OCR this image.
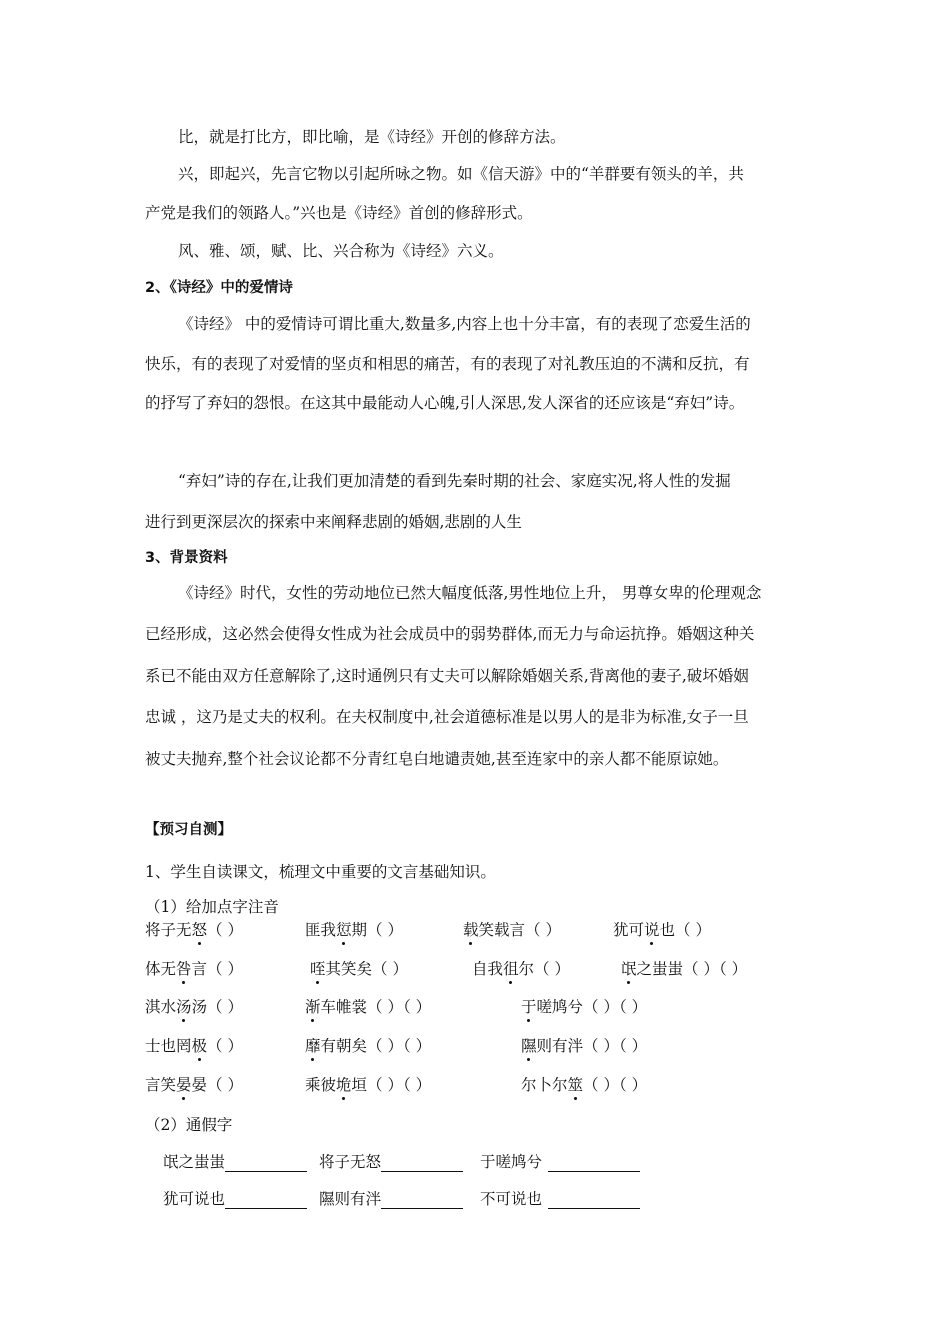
比，就是打比方，即比喻，是《诗经》开创的修辞方法。
兴，即起兴，先言它物以引起所咏之物。如《信天游》中的“羊群要有领头的羊，共
产党是我们的领路人。”兴也是《诗经》首创的修辞形式。
风、雅、颂，赋、比、兴合称为《诗经》六义。
2、《诗经》中的爱情诗
《诗经》 中的爱情诗可谓比重大,数量多,内容上也十分丰富，有的表现了恋爱生活的
快乐，有的表现了对爱情的坚贞和相思的痛苦，有的表现了对礼教压迫的不满和反抗，有
的抒写了弃妇的怨恨。在这其中最能动人心魄,引人深思,发人深省的还应该是“弃妇”诗。
“弃妇”诗的存在,让我们更加清楚的看到先秦时期的社会、家庭实况,将人性的发掘
进行到更深层次的探索中来阐释悲剧的婚姻,悲剧的人生
3、背景资料
《诗经》时代，女性的劳动地位已然大幅度低落,男性地位上升， 男尊女卑的伦理观念
已经形成，这必然会使得女性成为社会成员中的弱势群体,而无力与命运抗挣。婚姻这种关
系已不能由双方任意解除了,这时通例只有丈夫可以解除婚姻关系,背离他的妻子,破坏婚姻
忠诚 ，这乃是丈夫的权利。在夫权制度中,社会道德标准是以男人的是非为标准,女子一旦
被丈夫抛弃,整个社会议论都不分青红皂白地谴责她,甚至连家中的亲人都不能原谅她。
【预习自测】
1、学生自读课文，梳理文中重要的文言基础知识。
（1）给加点字注音
将子无怒（ ）	匪我愆期（ ）	载笑载言（ ）	犹可说也（ ）
体无咎言（ ）	咥其笑矣（ ）	自我徂尔（ ）	氓之蚩蚩（ ）（ ）
淇水汤汤（ ）	渐车帷裳（ ）（ ）	于嗟鸠兮（ ）（ ）
士也罔极（ ）	靡有朝矣（ ）（ ）	隰则有泮（ ）（ ）
言笑晏晏（ ）	乘彼垝垣（ ）（ ）	尔卜尔筮（ ）（ ）
（2）通假字
氓之蚩蚩	将子无怒	于嗟鸠兮
犹可说也	隰则有泮	不可说也
